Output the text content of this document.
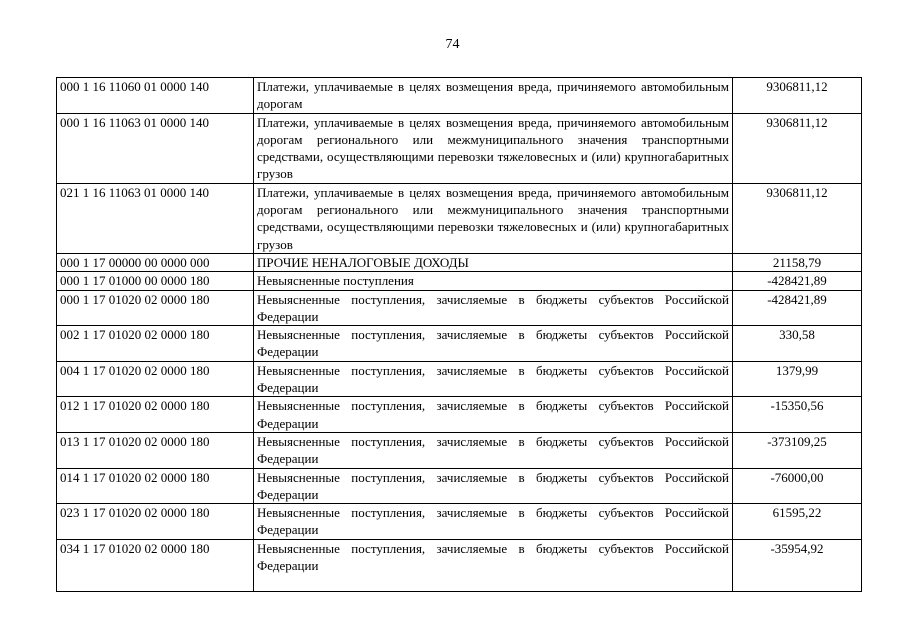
74
000 1 16 11060 01 0000 140	Платежи, уплачиваемые в целях возмещения вреда, причиняемого автомобильным дорогам	9306811,12
000 1 16 11063 01 0000 140	Платежи, уплачиваемые в целях возмещения вреда, причиняемого автомобильным дорогам регионального или межмуниципального значения транспортными средствами, осуществляющими перевозки тяжеловесных и (или) крупногабаритных грузов	9306811,12
021 1 16 11063 01 0000 140	Платежи, уплачиваемые в целях возмещения вреда, причиняемого автомобильным дорогам регионального или межмуниципального значения транспортными средствами, осуществляющими перевозки тяжеловесных и (или) крупногабаритных грузов	9306811,12
000 1 17 00000 00 0000 000	ПРОЧИЕ НЕНАЛОГОВЫЕ ДОХОДЫ	21158,79
000 1 17 01000 00 0000 180	Невыясненные поступления	-428421,89
000 1 17 01020 02 0000 180	Невыясненные поступления, зачисляемые в бюджеты субъектов Российской Федерации	-428421,89
002 1 17 01020 02 0000 180	Невыясненные поступления, зачисляемые в бюджеты субъектов Российской Федерации	330,58
004 1 17 01020 02 0000 180	Невыясненные поступления, зачисляемые в бюджеты субъектов Российской Федерации	1379,99
012 1 17 01020 02 0000 180	Невыясненные поступления, зачисляемые в бюджеты субъектов Российской Федерации	-15350,56
013 1 17 01020 02 0000 180	Невыясненные поступления, зачисляемые в бюджеты субъектов Российской Федерации	-373109,25
014 1 17 01020 02 0000 180	Невыясненные поступления, зачисляемые в бюджеты субъектов Российской Федерации	-76000,00
023 1 17 01020 02 0000 180	Невыясненные поступления, зачисляемые в бюджеты субъектов Российской Федерации	61595,22
034 1 17 01020 02 0000 180	Невыясненные поступления, зачисляемые в бюджеты субъектов Российской Федерации	-35954,92
